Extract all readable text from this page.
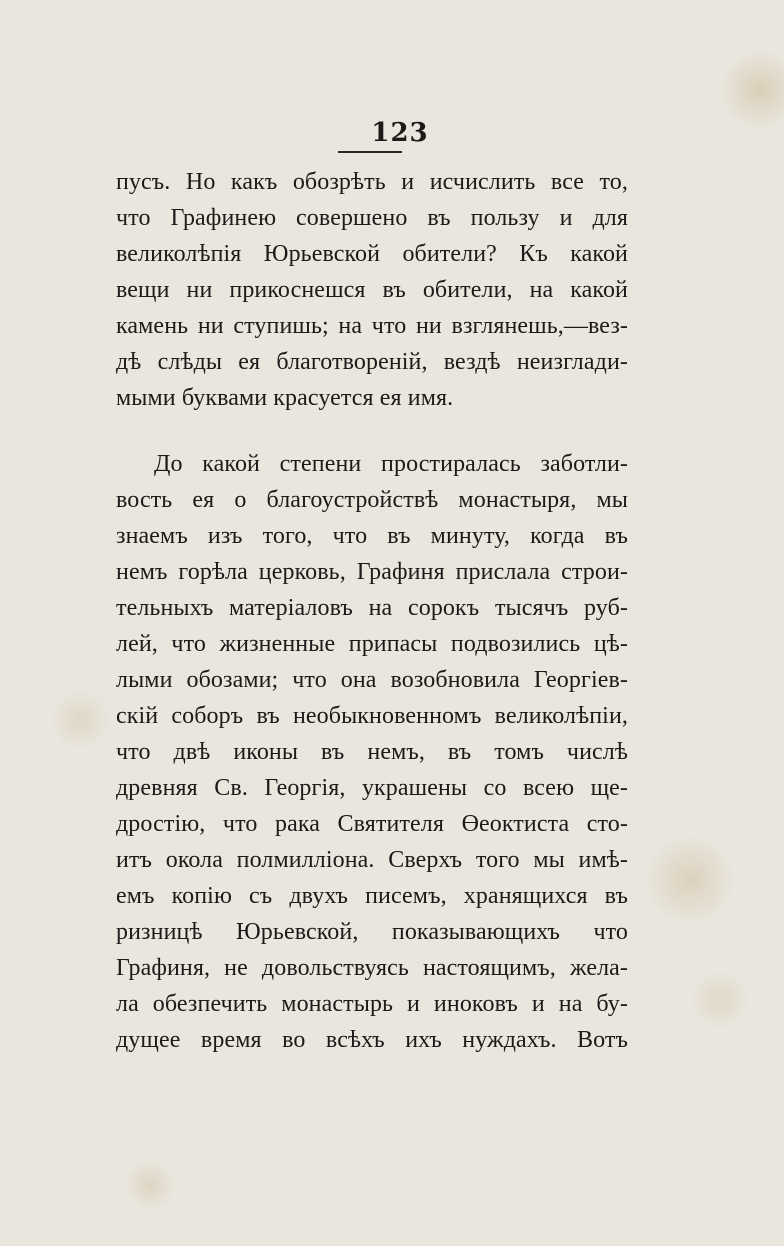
123
пусъ. Но какъ обозрѣть и исчислить все то,
что Графинею совершено въ пользу и для
великолѣпія Юрьевской обители? Къ какой
вещи ни прикоснешся въ обители, на какой
камень ни ступишь; на что ни взглянешь,—вез-
дѣ слѣды ея благотвореній, вездѣ неизглади-
мыми буквами красуется ея имя.
До какой степени простиралась заботли-
вость ея о благоустройствѣ монастыря, мы
знаемъ изъ того, что въ минуту, когда въ
немъ горѣла церковь, Графиня прислала строи-
тельныхъ матеріаловъ на сорокъ тысячъ руб-
лей, что жизненные припасы подвозились цѣ-
лыми обозами; что она возобновила Георгіев-
скій соборъ въ необыкновенномъ великолѣпіи,
что двѣ иконы въ немъ, въ томъ числѣ
древняя Св. Георгія, украшены со всею ще-
дростію, что рака Святителя Өеоктиста сто-
итъ окола полмилліона. Сверхъ того мы имѣ-
емъ копію съ двухъ писемъ, хранящихся въ
ризницѣ Юрьевской, показывающихъ что
Графиня, не довольствуясь настоящимъ, жела-
ла обезпечить монастырь и иноковъ и на бу-
дущее время во всѣхъ ихъ нуждахъ. Вотъ
